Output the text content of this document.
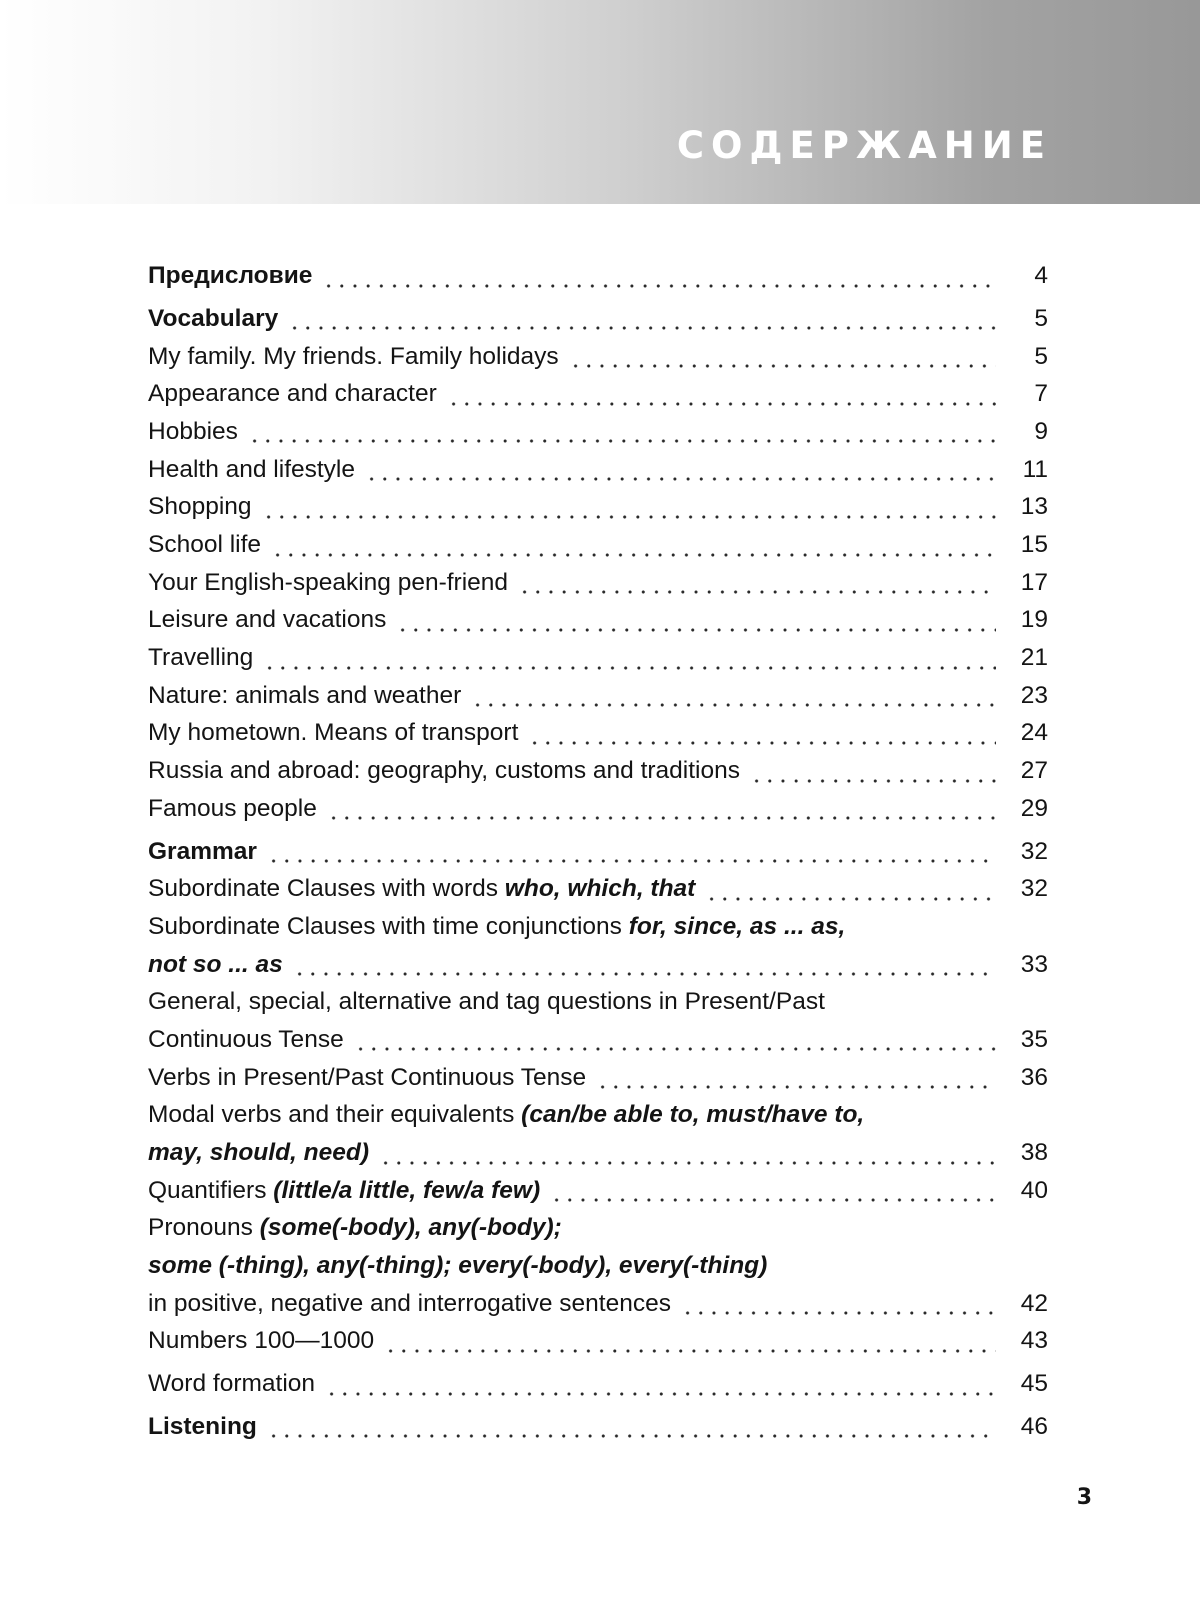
СОДЕРЖАНИЕ
Предисловие	4
Vocabulary	5
My family. My friends. Family holidays	5
Appearance and character	7
Hobbies	9
Health and lifestyle	11
Shopping	13
School life	15
Your English-speaking pen-friend	17
Leisure and vacations	19
Travelling	21
Nature: animals and weather	23
My hometown. Means of transport	24
Russia and abroad: geography, customs and traditions	27
Famous people	29
Grammar	32
Subordinate Clauses with words who, which, that	32
Subordinate Clauses with time conjunctions for, since, as ... as,
not so ... as	33
General, special, alternative and tag questions in Present/Past
Continuous Tense	35
Verbs in Present/Past Continuous Tense	36
Modal verbs and their equivalents (can/be able to, must/have to,
may, should, need)	38
Quantifiers (little/a little, few/a few)	40
Pronouns (some(-body), any(-body);
some (-thing), any(-thing); every(-body), every(-thing)
in positive, negative and interrogative sentences	42
Numbers 100—1000	43
Word formation	45
Listening	46
3
